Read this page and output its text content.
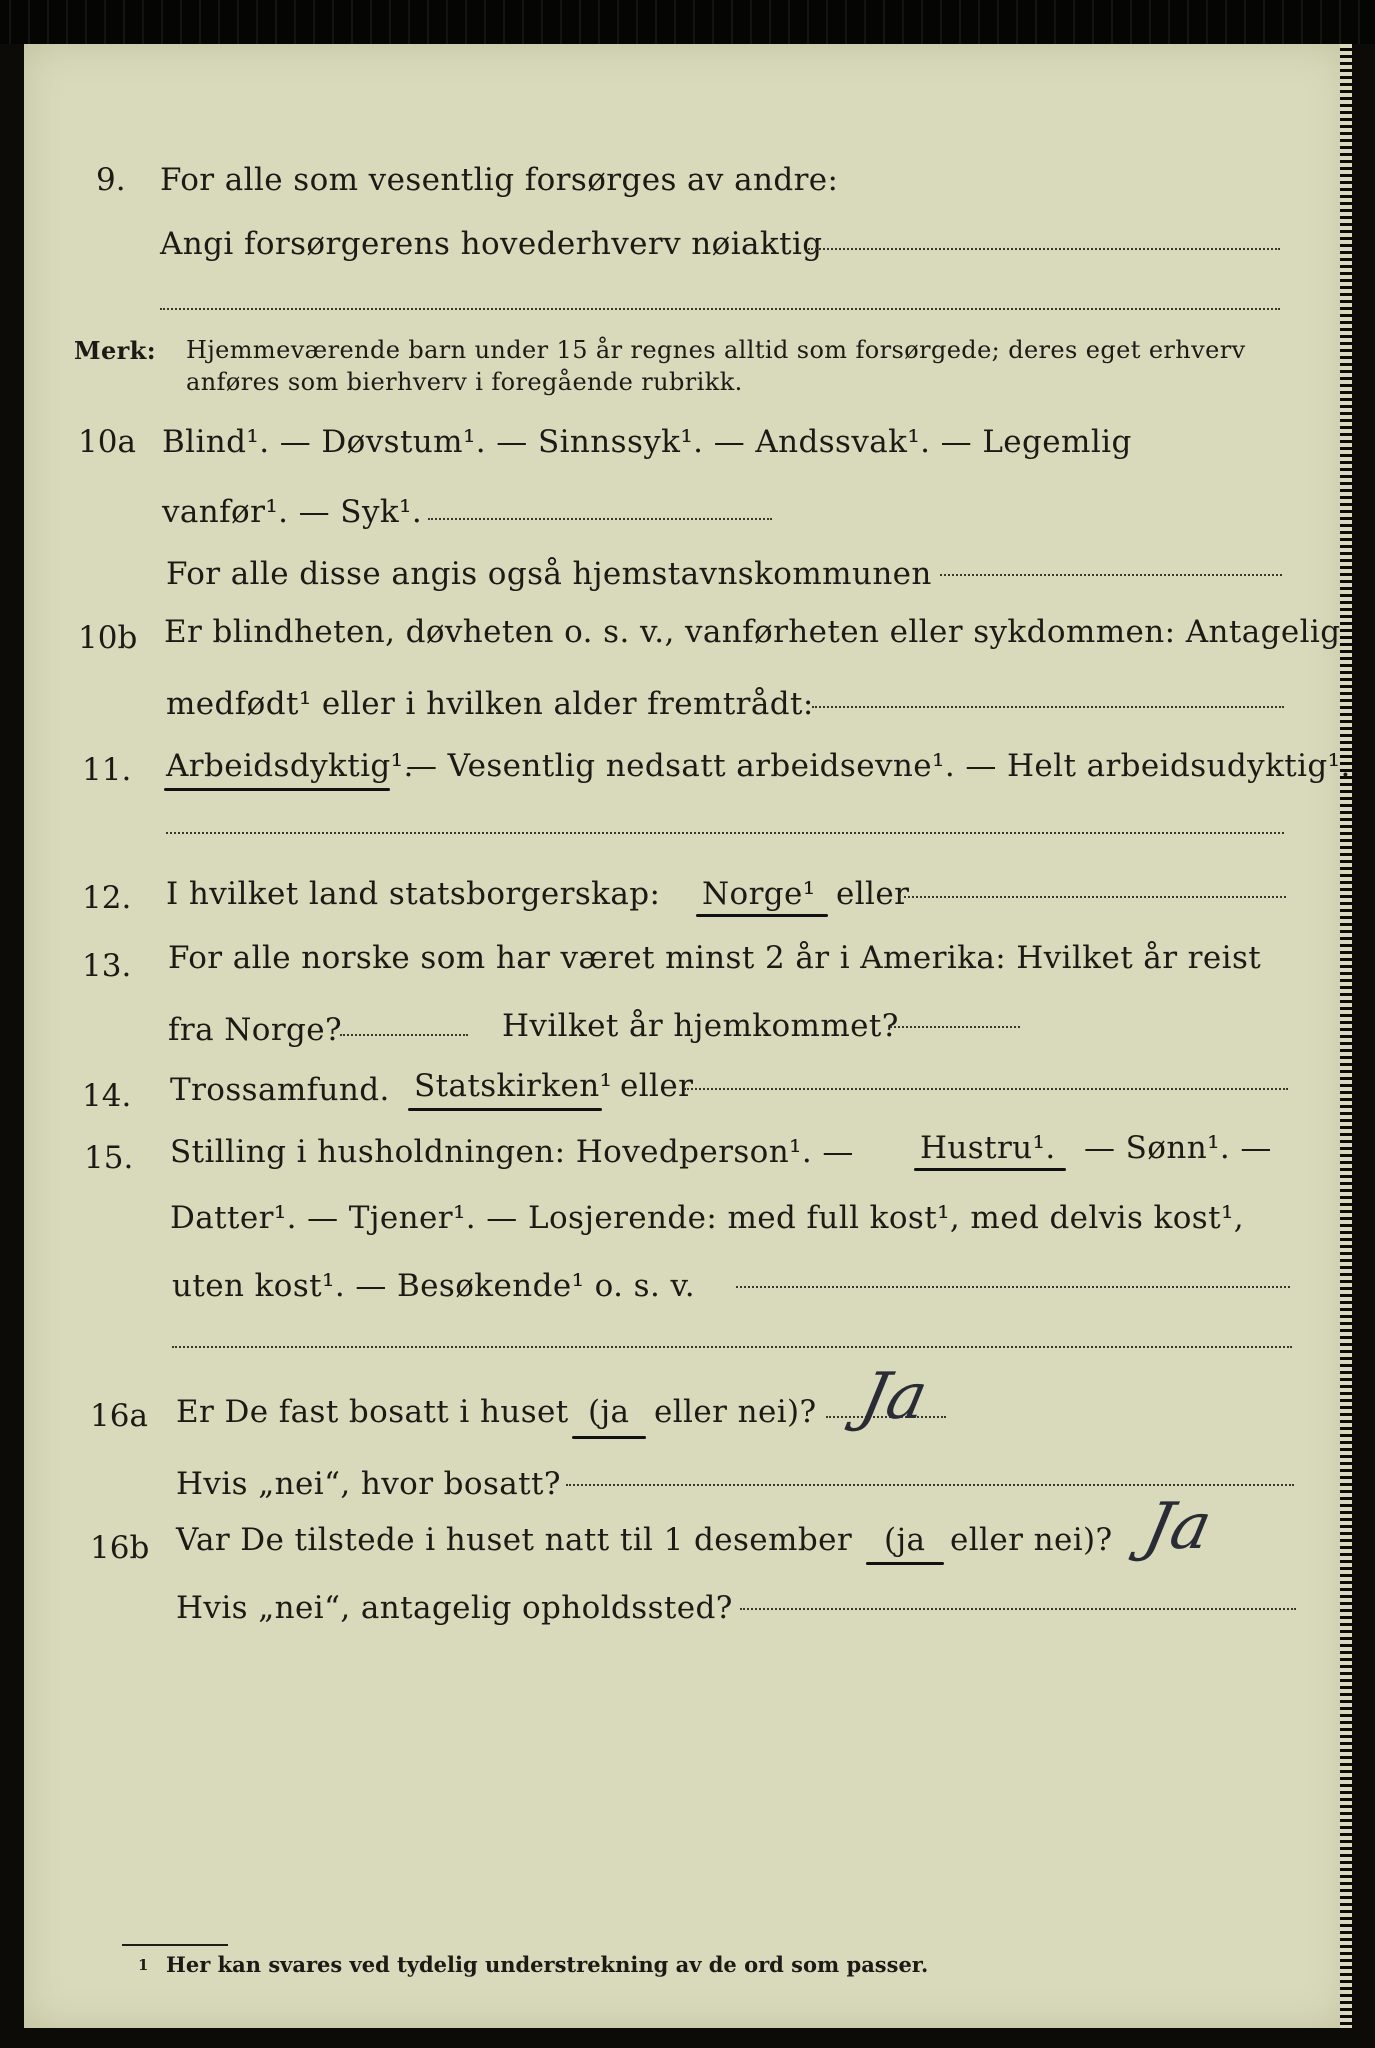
9. For alle som vesentlig forsørges av andre:
Angi forsørgerens hovederhverv nøiaktig
Merk: Hjemmeværende barn under 15 år regnes alltid som forsørgede; deres eget erhverv
anføres som bierhverv i foregående rubrikk.
10a Blind¹. — Døvstum¹. — Sinnssyk¹. — Andssvak¹. — Legemlig
vanfør¹. — Syk¹.
For alle disse angis også hjemstavnskommunen
10b Er blindheten, døvheten o. s. v., vanførheten eller sykdommen: Antagelig
medfødt¹ eller i hvilken alder fremtrådt:
11. Arbeidsdyktig¹.
— Vesentlig nedsatt arbeidsevne¹. — Helt arbeidsudyktig¹.
12. I hvilket land statsborgerskap: Norge¹ eller
13. For alle norske som har været minst 2 år i Amerika: Hvilket år reist
fra Norge?	Hvilket år hjemkommet?
14. Trossamfund. Statskirken¹ eller
15. Stilling i husholdningen: Hovedperson¹. — Hustru¹. — Sønn¹. —
Datter¹. — Tjener¹. — Losjerende: med full kost¹, med delvis kost¹,
uten kost¹. — Besøkende¹ o. s. v.
16a Er De fast bosatt i huset (ja eller nei)? Ja
Hvis „nei“, hvor bosatt?
16b Var De tilstede i huset natt til 1 desember (ja eller nei)? Ja
Hvis „nei“, antagelig opholdssted?
1 Her kan svares ved tydelig understrekning av de ord som passer.
